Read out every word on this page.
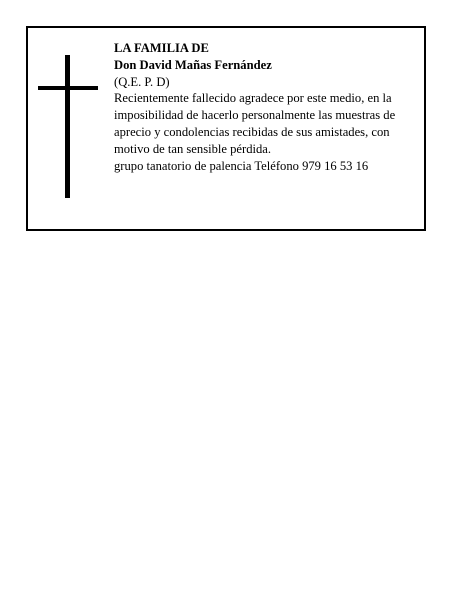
LA FAMILIA DE
Don David Mañas Fernández
(Q.E. P. D)
Recientemente fallecido agradece por este medio, en la imposibilidad de hacerlo personalmente las muestras de aprecio y condolencias recibidas de sus amistades, con motivo de tan sensible pérdida.
grupo tanatorio de palencia Teléfono 979 16 53 16
